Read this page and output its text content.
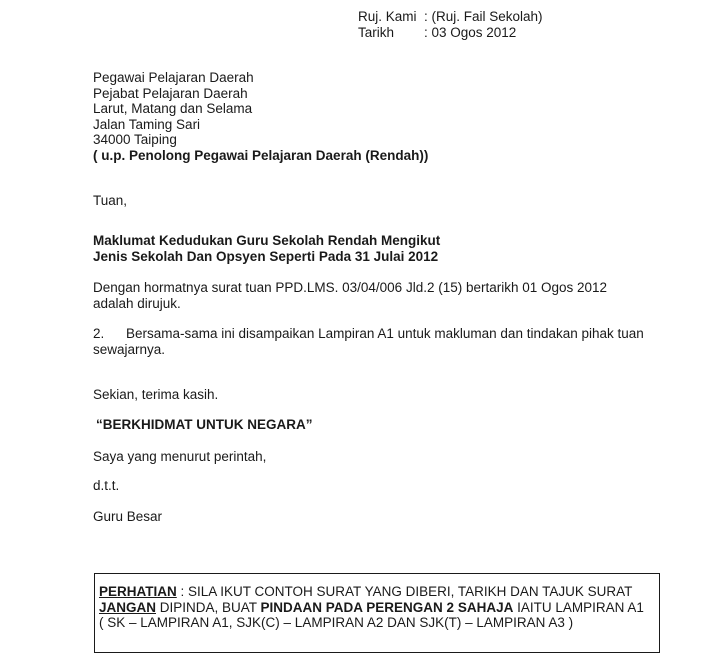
Ruj. Kami : (Ruj. Fail Sekolah)
Tarikh	: 03 Ogos 2012
Pegawai Pelajaran Daerah
Pejabat Pelajaran Daerah
Larut, Matang dan Selama
Jalan Taming Sari
34000 Taiping
( u.p. Penolong Pegawai Pelajaran Daerah (Rendah))
Tuan,
Maklumat Kedudukan Guru Sekolah Rendah Mengikut
Jenis Sekolah Dan Opsyen Seperti Pada 31 Julai 2012
Dengan hormatnya surat tuan PPD.LMS. 03/04/006 Jld.2 (15) bertarikh 01 Ogos 2012
adalah dirujuk.
2. Bersama-sama ini disampaikan Lampiran A1 untuk makluman dan tindakan pihak tuan
sewajarnya.
Sekian, terima kasih.
“BERKHIDMAT UNTUK NEGARA”
Saya yang menurut perintah,
d.t.t.
Guru Besar
PERHATIAN : SILA IKUT CONTOH SURAT YANG DIBERI, TARIKH DAN TAJUK SURAT
JANGAN DIPINDA, BUAT PINDAAN PADA PERENGAN 2 SAHAJA IAITU LAMPIRAN A1
( SK – LAMPIRAN A1, SJK(C) – LAMPIRAN A2 DAN SJK(T) – LAMPIRAN A3 )
